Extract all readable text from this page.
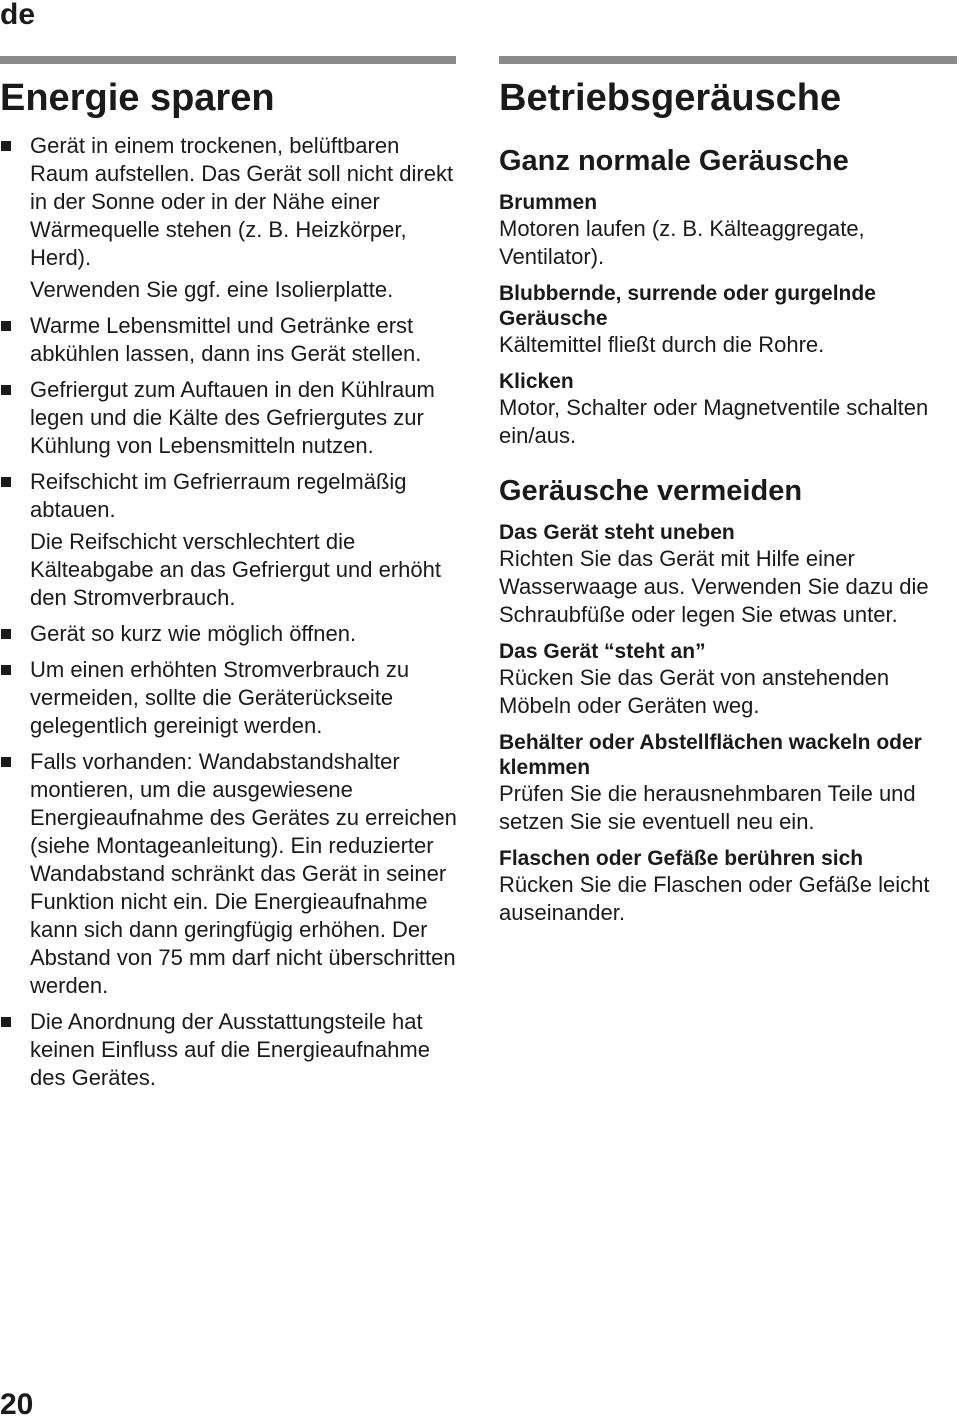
de
Energie sparen
Gerät in einem trockenen, belüftbaren Raum aufstellen. Das Gerät soll nicht direkt in der Sonne oder in der Nähe einer Wärmequelle stehen (z. B. Heizkörper, Herd).
Verwenden Sie ggf. eine Isolierplatte.
Warme Lebensmittel und Getränke erst abkühlen lassen, dann ins Gerät stellen.
Gefriergut zum Auftauen in den Kühlraum legen und die Kälte des Gefriergutes zur Kühlung von Lebensmitteln nutzen.
Reifschicht im Gefrierraum regelmäßig abtauen.
Die Reifschicht verschlechtert die Kälteabgabe an das Gefriergut und erhöht den Stromverbrauch.
Gerät so kurz wie möglich öffnen.
Um einen erhöhten Stromverbrauch zu vermeiden, sollte die Geräterückseite gelegentlich gereinigt werden.
Falls vorhanden: Wandabstandshalter montieren, um die ausgewiesene Energieaufnahme des Gerätes zu erreichen (siehe Montageanleitung). Ein reduzierter Wandabstand schränkt das Gerät in seiner Funktion nicht ein. Die Energieaufnahme kann sich dann geringfügig erhöhen. Der Abstand von 75 mm darf nicht überschritten werden.
Die Anordnung der Ausstattungsteile hat keinen Einfluss auf die Energieaufnahme des Gerätes.
Betriebsgeräusche
Ganz normale Geräusche
Brummen
Motoren laufen (z. B. Kälteaggregate, Ventilator).
Blubbernde, surrende oder gurgelnde Geräusche
Kältemittel fließt durch die Rohre.
Klicken
Motor, Schalter oder Magnetventile schalten ein/aus.
Geräusche vermeiden
Das Gerät steht uneben
Richten Sie das Gerät mit Hilfe einer Wasserwaage aus. Verwenden Sie dazu die Schraubfüße oder legen Sie etwas unter.
Das Gerät “steht an”
Rücken Sie das Gerät von anstehenden Möbeln oder Geräten weg.
Behälter oder Abstellflächen wackeln oder klemmen
Prüfen Sie die herausnehmbaren Teile und setzen Sie sie eventuell neu ein.
Flaschen oder Gefäße berühren sich
Rücken Sie die Flaschen oder Gefäße leicht auseinander.
20
